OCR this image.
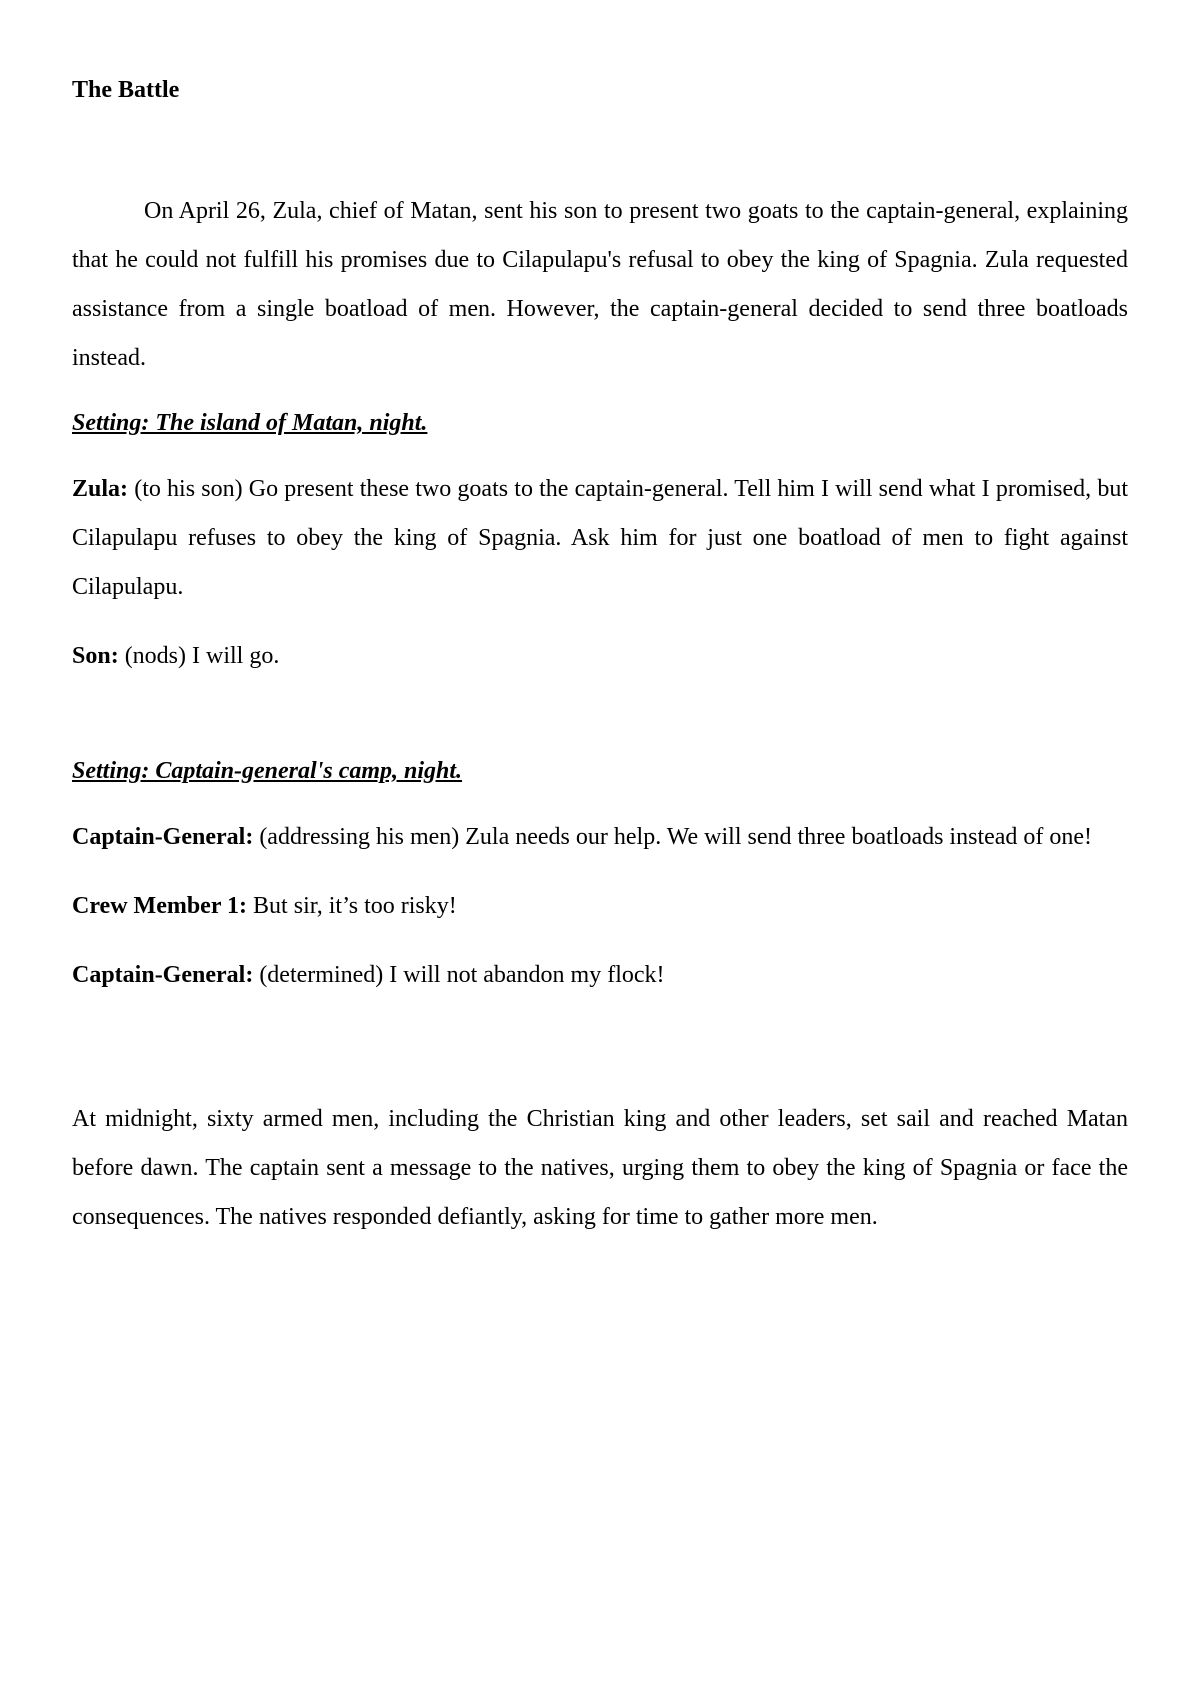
The Battle

On April 26, Zula, chief of Matan, sent his son to present two goats to the captain-general, explaining that he could not fulfill his promises due to Cilapulapu's refusal to obey the king of Spagnia. Zula requested assistance from a single boatload of men. However, the captain-general decided to send three boatloads instead.

Setting: The island of Matan, night.

Zula: (to his son) Go present these two goats to the captain-general. Tell him I will send what I promised, but Cilapulapu refuses to obey the king of Spagnia. Ask him for just one boatload of men to fight against Cilapulapu.

Son: (nods) I will go.

Setting: Captain-general's camp, night.

Captain-General: (addressing his men) Zula needs our help. We will send three boatloads instead of one!

Crew Member 1: But sir, it’s too risky!

Captain-General: (determined) I will not abandon my flock!

At midnight, sixty armed men, including the Christian king and other leaders, set sail and reached Matan before dawn. The captain sent a message to the natives, urging them to obey the king of Spagnia or face the consequences. The natives responded defiantly, asking for time to gather more men.
